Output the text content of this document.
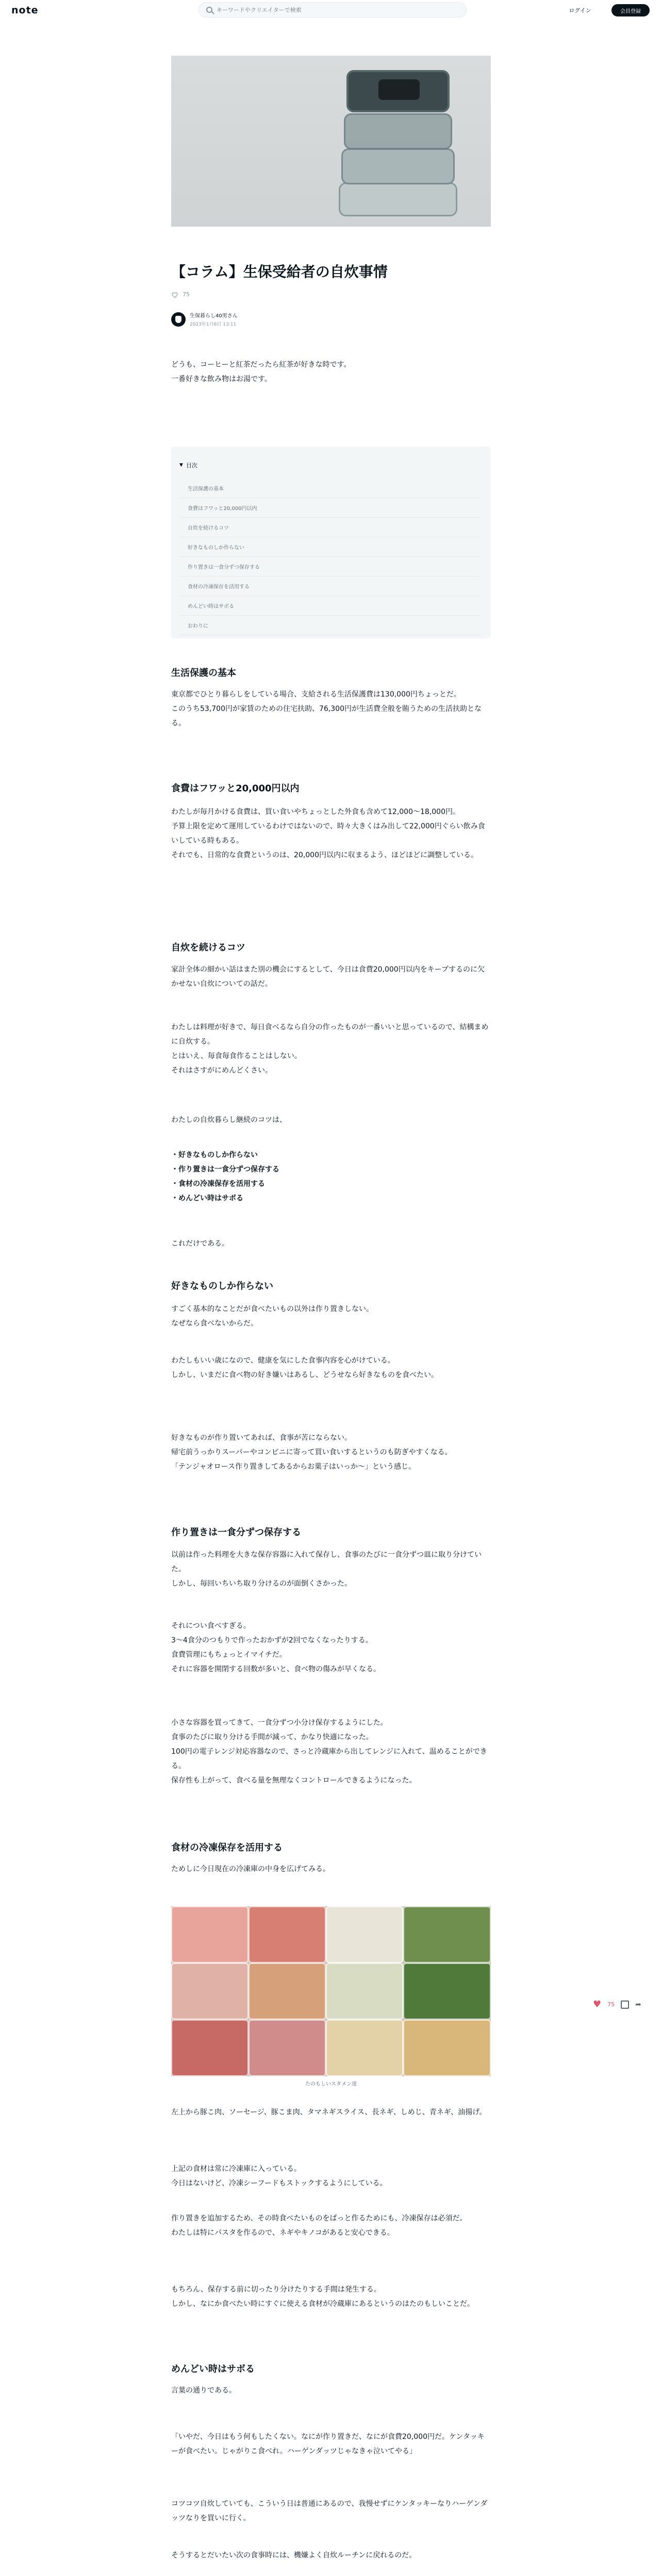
note
キーワードやクリエイターで検索	ログイン	会員登録
【コラム】生保受給者の自炊事情
75
生保暮らし40男さん
2023年1月6日 13:11
どうも、コーヒーと紅茶だったら紅茶が好きな時です。
一番好きな飲み物はお湯です。
▼ 目次
生活保護の基本
食費はフワッと20,000円以内
自炊を続けるコツ
好きなものしか作らない
作り置きは一食分ずつ保存する
食材の冷凍保存を活用する
めんどい時はサボる
おわりに
生活保護の基本
東京都でひとり暮らしをしている場合、支給される生活保護費は130,000円ちょっとだ。
このうち53,700円が家賃のための住宅扶助、76,300円が生活費全般を賄うための生活扶助となる。
食費はフワッと20,000円以内
わたしが毎月かける食費は、買い食いやちょっとした外食も含めて12,000〜18,000円。
予算上限を定めて運用しているわけではないので、時々大きくはみ出して22,000円ぐらい飲み食いしている時もある。
それでも、日常的な食費というのは、20,000円以内に収まるよう、ほどほどに調整している。
自炊を続けるコツ
家計全体の細かい話はまた別の機会にするとして、今日は食費20,000円以内をキープするのに欠かせない自炊についての話だ。
わたしは料理が好きで、毎日食べるなら自分の作ったものが一番いいと思っているので、結構まめに自炊する。
とはいえ、毎食毎食作ることはしない。
それはさすがにめんどくさい。
わたしの自炊暮らし継続のコツは、
・好きなものしか作らない
・作り置きは一食分ずつ保存する
・食材の冷凍保存を活用する
・めんどい時はサボる
これだけである。
好きなものしか作らない
すごく基本的なことだが食べたいもの以外は作り置きしない。
なぜなら食べないからだ。
わたしもいい歳になので、健康を気にした食事内容を心がけている。
しかし、いまだに食べ物の好き嫌いはあるし、どうせなら好きなものを食べたい。
好きなものが作り置いてあれば、食事が苦にならない。
帰宅前うっかりスーパーやコンビニに寄って買い食いするというのも防ぎやすくなる。
「テンジャオロース作り置きしてあるからお菓子はいっか〜」という感じ。
作り置きは一食分ずつ保存する
以前は作った料理を大きな保存容器に入れて保存し、食事のたびに一食分ずつ皿に取り分けていた。
しかし、毎回いちいち取り分けるのが面倒くさかった。
それについ食べすぎる。
3〜4食分のつもりで作ったおかずが2回でなくなったりする。
食費管理にもちょっとイマイチだ。
それに容器を開閉する回数が多いと、食べ物の傷みが早くなる。
小さな容器を買ってきて、一食分ずつ小分け保存するようにした。
食事のたびに取り分ける手間が減って、かなり快適になった。
100円の電子レンジ対応容器なので、さっと冷蔵庫から出してレンジに入れて、温めることができる。
保存性も上がって、食べる量を無理なくコントロールできるようになった。
食材の冷凍保存を活用する
ためしに今日現在の冷凍庫の中身を広げてみる。
たのもしいスタメン達
左上から豚こ肉、ソーセージ、豚こま肉、タマネギスライス、長ネギ、しめじ、青ネギ、油揚げ。
上記の食材は常に冷凍庫に入っている。
今日はないけど、冷凍シーフードもストックするようにしている。
作り置きを追加するため、その時食べたいものをぱっと作るためにも、冷凍保存は必須だ。
わたしは特にパスタを作るので、ネギやキノコがあると安心できる。
もちろん、保存する前に切ったり分けたりする手間は発生する。
しかし、なにか食べたい時にすぐに使える食材が冷蔵庫にあるというのはたのもしいことだ。
めんどい時はサボる
言葉の通りである。
「いやだ、今日はもう何もしたくない。なにが作り置きだ、なにが食費20,000円だ。ケンタッキーが食べたい。じゃがりこ食べれ。ハーゲンダッツじゃなきゃ泣いてやる」
コツコツ自炊していても、こういう日は普通にあるので、我慢せずにケンタッキーなりハーゲンダッツなりを買いに行く。
そうするとだいたい次の食事時には、機嫌よく自炊ルーチンに戻れるのだ。
♥ 75	➦
